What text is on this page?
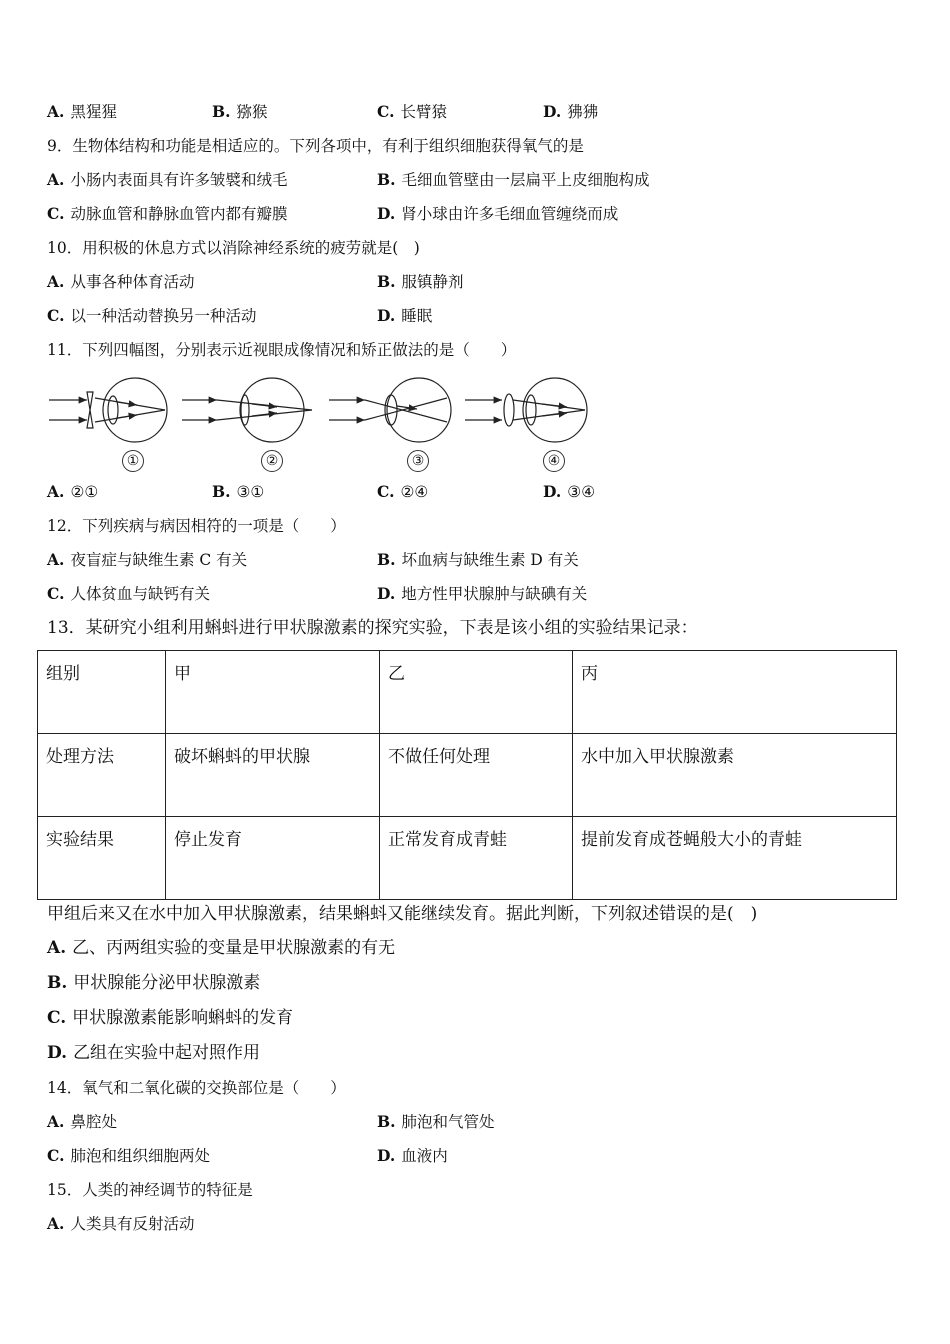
A. 黑猩猩	B. 猕猴	C. 长臂猿	D. 狒狒
9．生物体结构和功能是相适应的。下列各项中，有利于组织细胞获得氧气的是
A. 小肠内表面具有许多皱襞和绒毛	B. 毛细血管壁由一层扁平上皮细胞构成
C. 动脉血管和静脉血管内都有瓣膜	D. 肾小球由许多毛细血管缠绕而成
10．用积极的休息方式以消除神经系统的疲劳就是(　)
A. 从事各种体育活动	B. 服镇静剂
C. 以一种活动替换另一种活动	D. 睡眠
11．下列四幅图，分别表示近视眼成像情况和矫正做法的是（　　）
①	②	③	④
A. ②①	B. ③①	C. ②④	D. ③④
12．下列疾病与病因相符的一项是（　　）
A. 夜盲症与缺维生素 C 有关	B. 坏血病与缺维生素 D 有关
C. 人体贫血与缺钙有关	D. 地方性甲状腺肿与缺碘有关
13．某研究小组利用蝌蚪进行甲状腺激素的探究实验，下表是该小组的实验结果记录：
组别	甲	乙	丙
处理方法	破坏蝌蚪的甲状腺	不做任何处理	水中加入甲状腺激素
实验结果	停止发育	正常发育成青蛙	提前发育成苍蝇般大小的青蛙
甲组后来又在水中加入甲状腺激素，结果蝌蚪又能继续发育。据此判断，下列叙述错误的是(　)
A. 乙、丙两组实验的变量是甲状腺激素的有无
B. 甲状腺能分泌甲状腺激素
C. 甲状腺激素能影响蝌蚪的发育
D. 乙组在实验中起对照作用
14．氧气和二氧化碳的交换部位是（　　）
A. 鼻腔处	B. 肺泡和气管处
C. 肺泡和组织细胞两处	D. 血液内
15．人类的神经调节的特征是
A. 人类具有反射活动
